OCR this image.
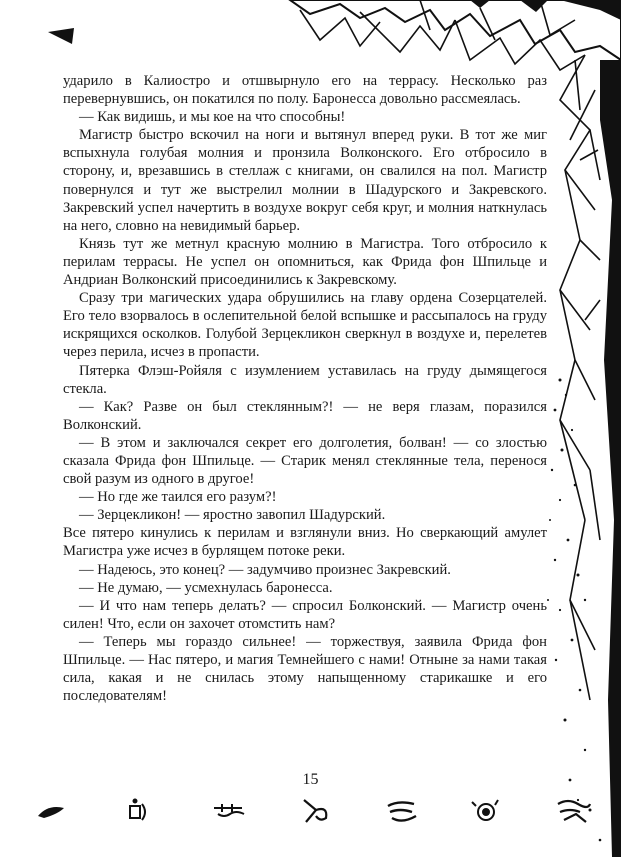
ударило в Калиостро и отшвырнуло его на террасу. Несколько раз перевернувшись, он покатился по полу. Баронесса довольно рассмеялась.

— Как видишь, и мы кое на что способны!

Магистр быстро вскочил на ноги и вытянул вперед руки. В тот же миг вспыхнула голубая молния и пронзила Волконского. Его отбросило в сторону, и, врезавшись в стеллаж с книгами, он свалился на пол. Магистр повернулся и тут же выстрелил молнии в Шадурского и Закревского. Закревский успел начертить в воздухе вокруг себя круг, и молния наткнулась на него, словно на невидимый барьер.

Князь тут же метнул красную молнию в Магистра. Того отбросило к перилам террасы. Не успел он опомниться, как Фрида фон Шпильце и Андриан Волконский присоединились к Закревскому.

Сразу три магических удара обрушились на главу ордена Созерцателей. Его тело взорвалось в ослепительной белой вспышке и рассыпалось на груду искрящихся осколков. Голубой Зерцекликон сверкнул в воздухе и, перелетев через перила, исчез в пропасти.

Пятерка Флэш-Ройяля с изумлением уставилась на груду дымящегося стекла.

— Как? Разве он был стеклянным?! — не веря глазам, поразился Волконский.

— В этом и заключался секрет его долголетия, болван! — со злостью сказала Фрида фон Шпильце. — Старик менял стеклянные тела, перенося свой разум из одного в другое!

— Но где же таился его разум?!

— Зерцекликон! — яростно завопил Шадурский.

Все пятеро кинулись к перилам и взглянули вниз. Но сверкающий амулет Магистра уже исчез в бурлящем потоке реки.

— Надеюсь, это конец? — задумчиво произнес Закревский.

— Не думаю, — усмехнулась баронесса.

— И что нам теперь делать? — спросил Болконский. — Магистр очень силен! Что, если он захочет отомстить нам?

— Теперь мы гораздо сильнее! — торжествуя, заявила Фрида фон Шпильце. — Нас пятеро, и магия Темнейшего с нами! Отныне за нами такая сила, какая и не снилась этому напыщенному старикашке и его последователям!

15
